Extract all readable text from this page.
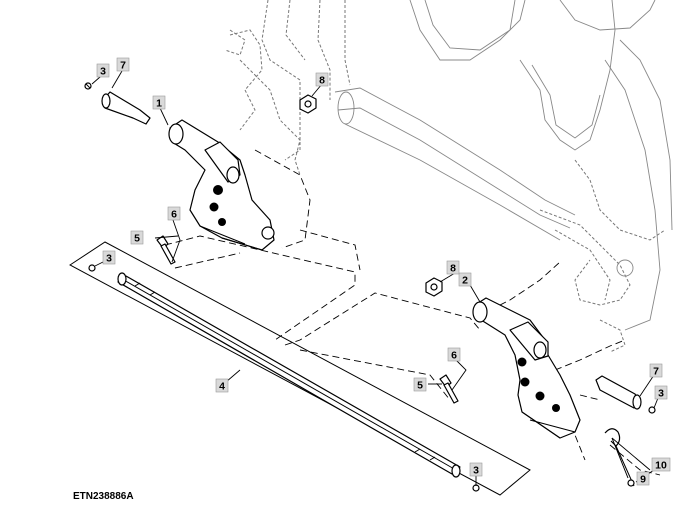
1
2
3
3
3
3
4
5
5
6
6
7
7
8
8
9
10
ETN238886A
